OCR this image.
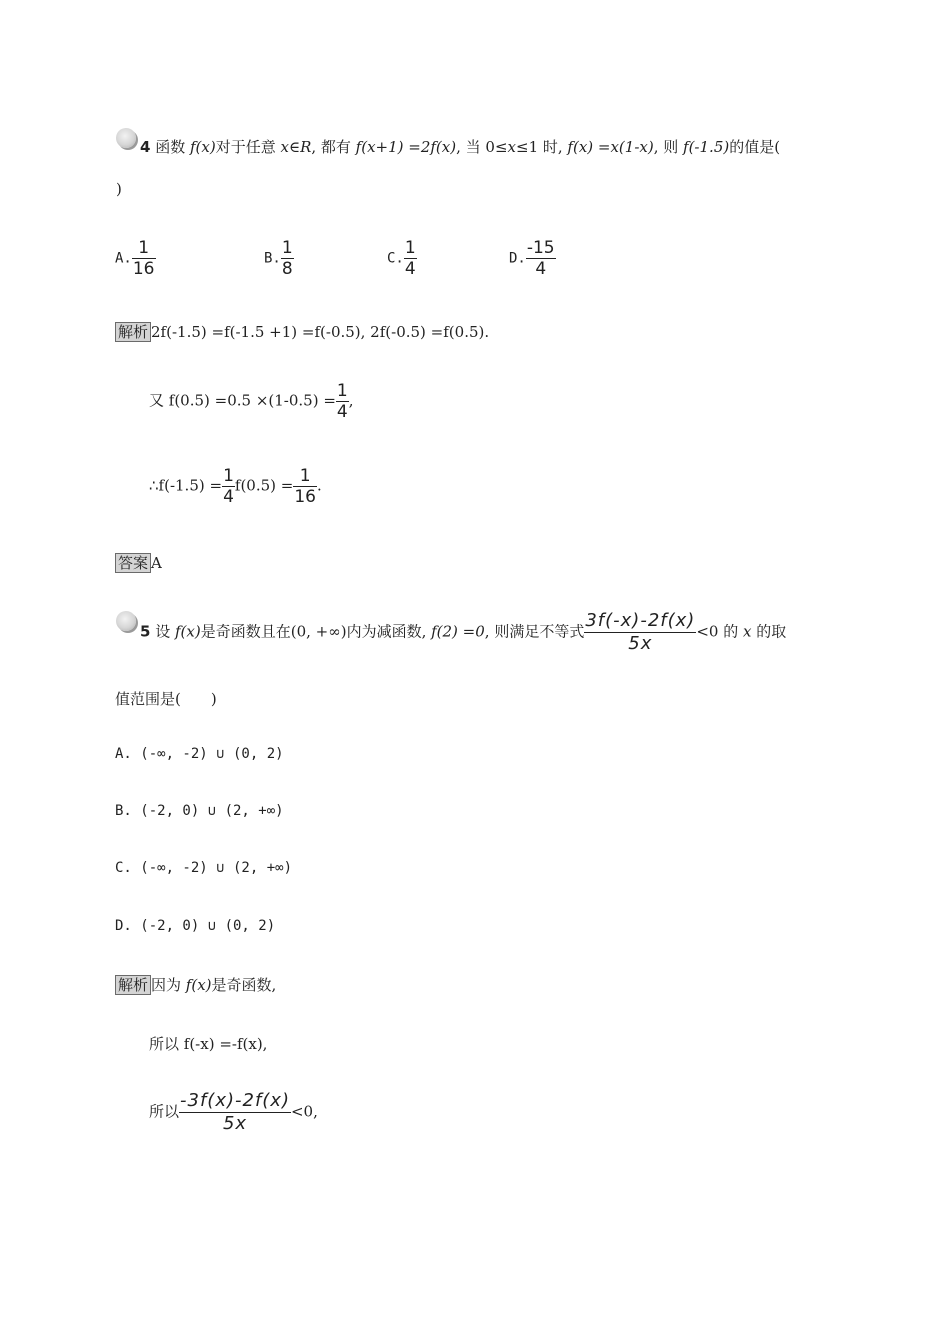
4 函数 f(x)对于任意 x∈R, 都有 f(x+1) =2f(x), 当 0≤x≤1 时, f(x) =x(1-x), 则 f(-1.5)的值是(
)
A. $\frac{1}{16}$	B. $\frac{1}{8}$	C. $\frac{1}{4}$	D. $\frac{-15}{4}$
解析 2f(-1.5) =f(-1.5 +1) =f(-0.5), 2f(-0.5) =f(0.5).
又 $f(0.5) =0.5 \times(1-0.5) = \frac{1}{4}$ ,
∴f(-1.5) = $\frac{1}{4} f(0.5) = \frac{1}{16}$ .
答案 A
5 设 f(x)是奇函数且在(0, +∞)内为减函数, f(2) =0, 则满足不等式 $\frac{3f(-x)-2f(x)}{5x} <0$ 的 x 的取
值范围是(　　)
A. (-∞, -2) ∪ (0, 2)
B. (-2, 0) ∪ (2, +∞)
C. (-∞, -2) ∪ (2, +∞)
D. (-2, 0) ∪ (0, 2)
解析 因为 f(x)是奇函数,
所以 f(-x) =-f(x),
所以 $\frac{-3f(x)-2f(x)}{5x} <0$,
